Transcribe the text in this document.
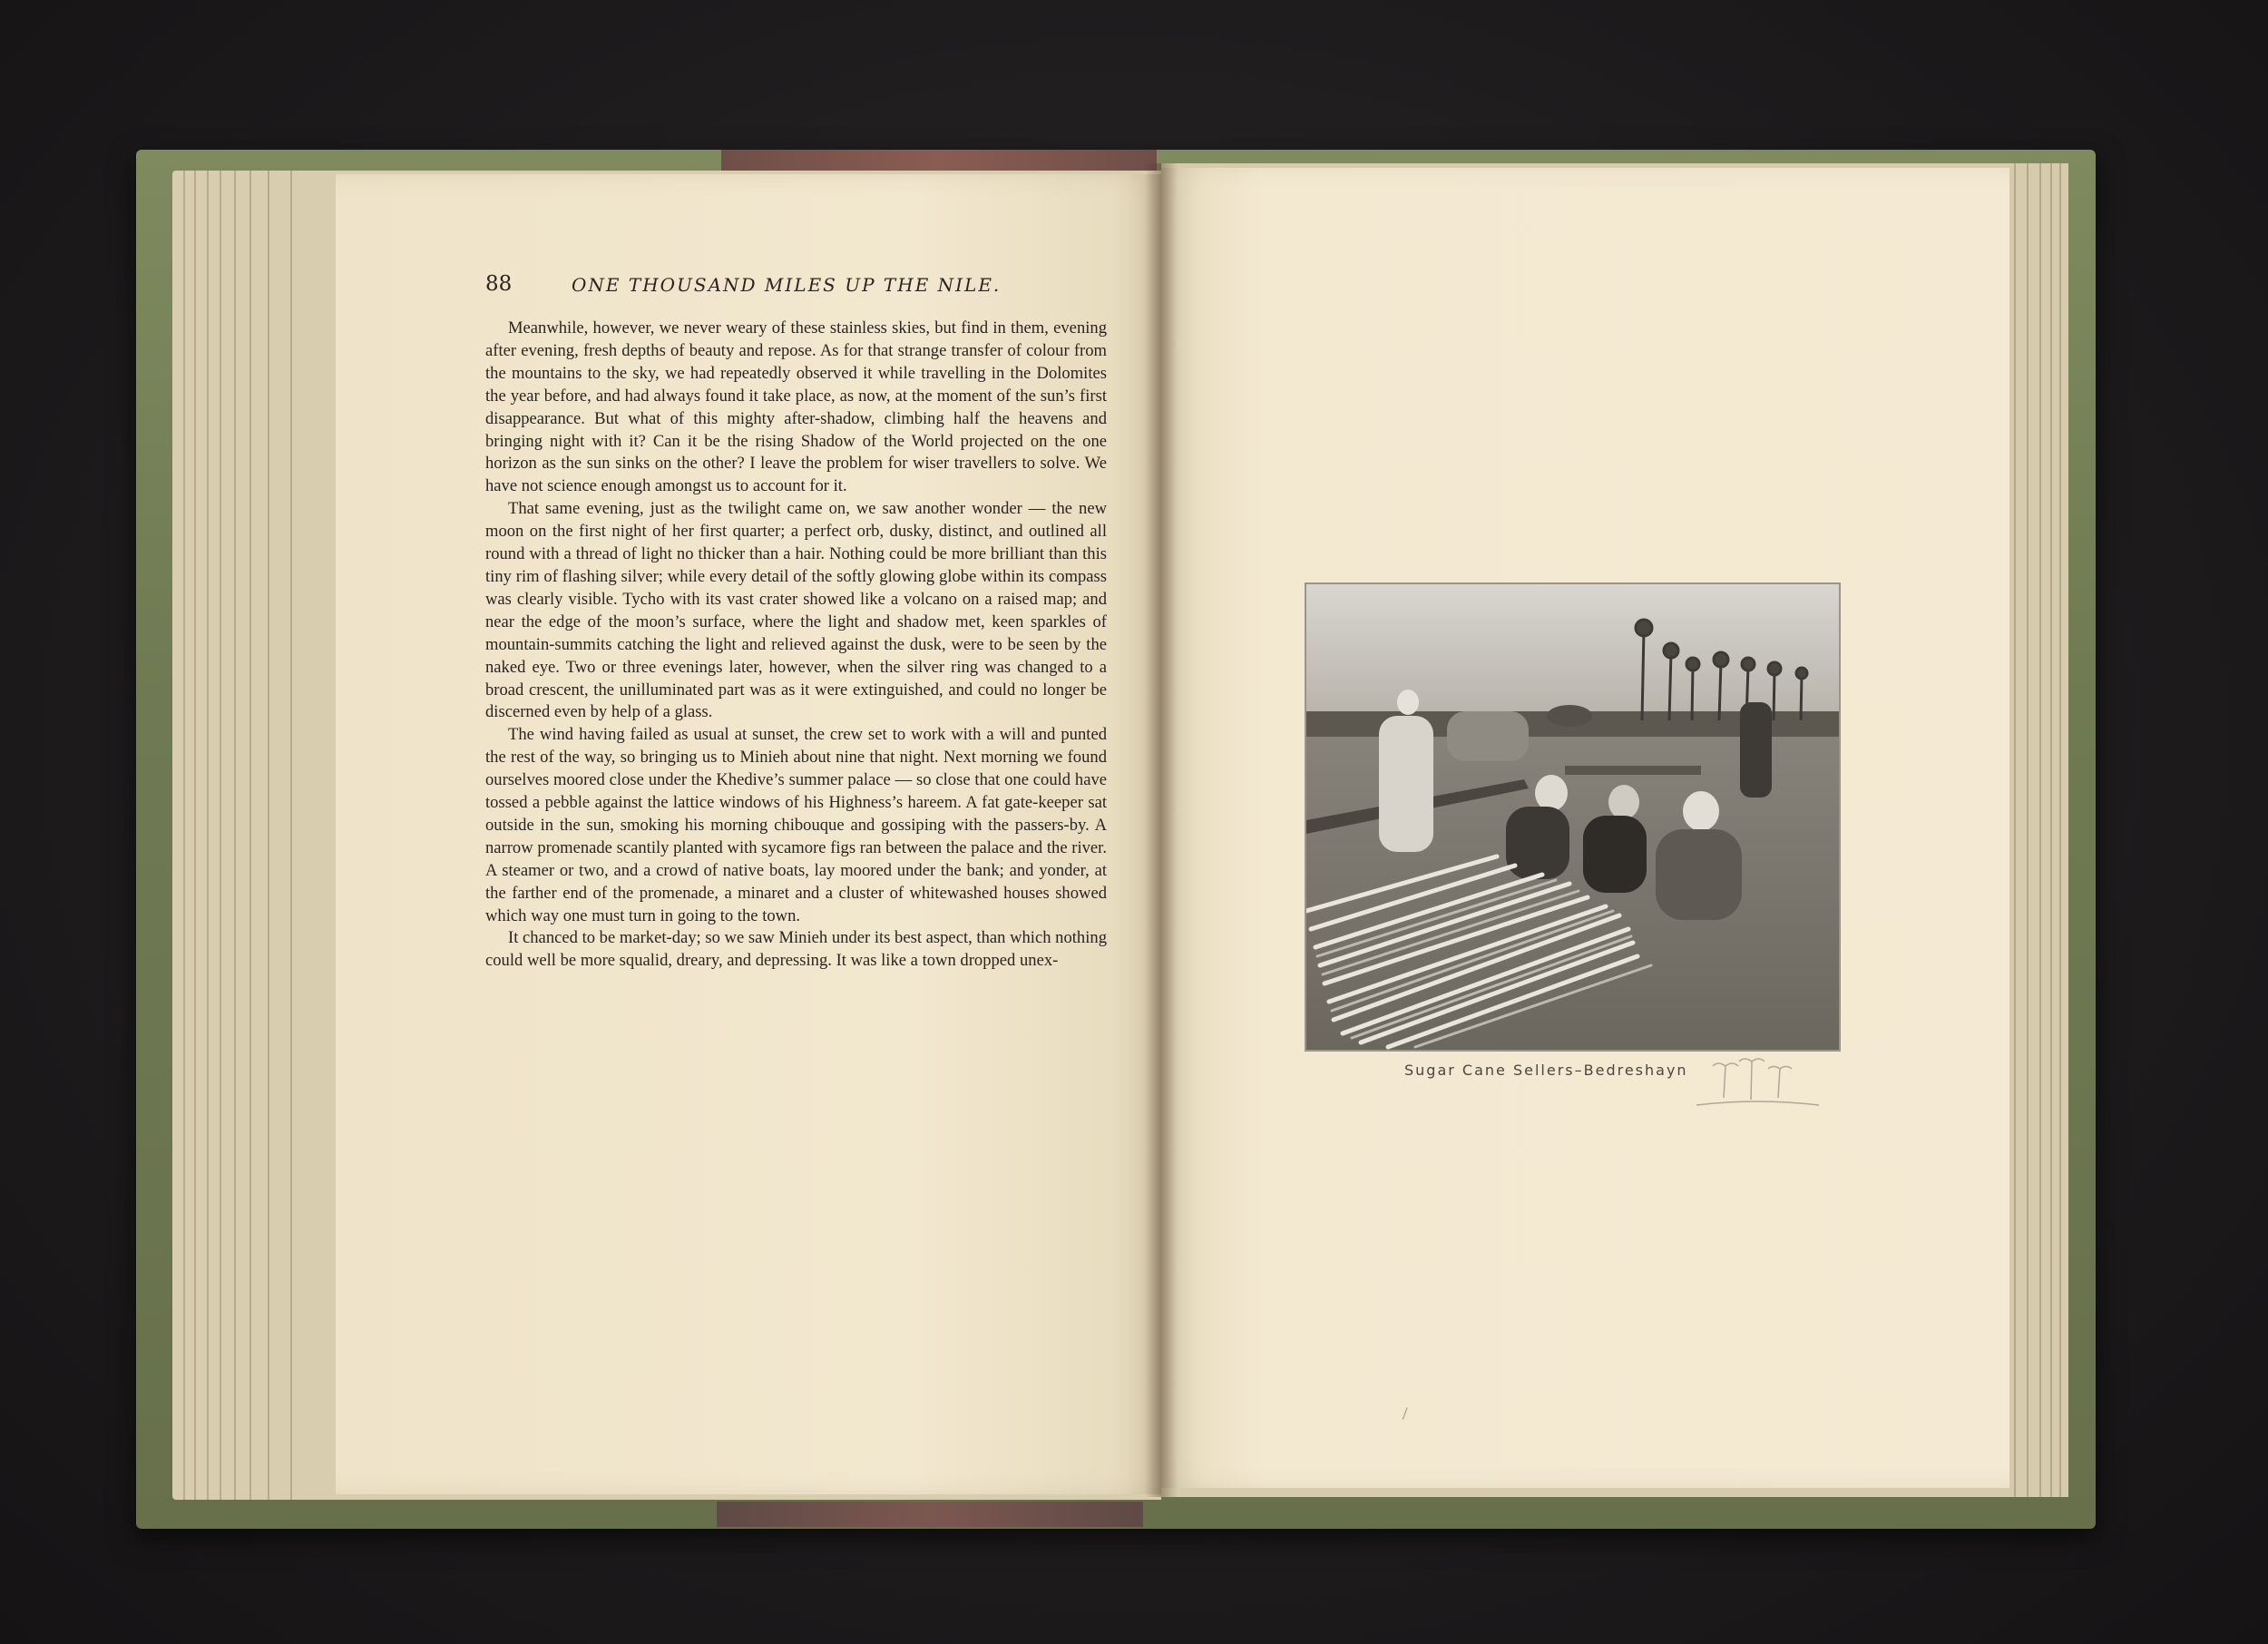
88	ONE THOUSAND MILES UP THE NILE.

Meanwhile, however, we never weary of these stainless skies, but find in them, evening after evening, fresh depths of beauty and repose. As for that strange transfer of colour from the mountains to the sky, we had repeatedly observed it while travelling in the Dolomites the year before, and had always found it take place, as now, at the moment of the sun’s first disappearance. But what of this mighty after-shadow, climbing half the heavens and bringing night with it? Can it be the rising Shadow of the World projected on the one horizon as the sun sinks on the other? I leave the problem for wiser travellers to solve. We have not science enough amongst us to account for it.

That same evening, just as the twilight came on, we saw another wonder — the new moon on the first night of her first quarter; a perfect orb, dusky, distinct, and outlined all round with a thread of light no thicker than a hair. Nothing could be more brilliant than this tiny rim of flashing silver; while every detail of the softly glowing globe within its compass was clearly visible. Tycho with its vast crater showed like a volcano on a raised map; and near the edge of the moon’s surface, where the light and shadow met, keen sparkles of mountain-summits catching the light and relieved against the dusk, were to be seen by the naked eye. Two or three evenings later, however, when the silver ring was changed to a broad crescent, the unilluminated part was as it were extinguished, and could no longer be discerned even by help of a glass.

The wind having failed as usual at sunset, the crew set to work with a will and punted the rest of the way, so bringing us to Minieh about nine that night. Next morning we found ourselves moored close under the Khedive’s summer palace — so close that one could have tossed a pebble against the lattice windows of his Highness’s hareem. A fat gate-keeper sat outside in the sun, smoking his morning chibouque and gossiping with the passers-by. A narrow promenade scantily planted with sycamore figs ran between the palace and the river. A steamer or two, and a crowd of native boats, lay moored under the bank; and yonder, at the farther end of the promenade, a minaret and a cluster of whitewashed houses showed which way one must turn in going to the town.

It chanced to be market-day; so we saw Minieh under its best aspect, than which nothing could well be more squalid, dreary, and depressing. It was like a town dropped unex-

Sugar Cane Sellers–Bedreshayn
